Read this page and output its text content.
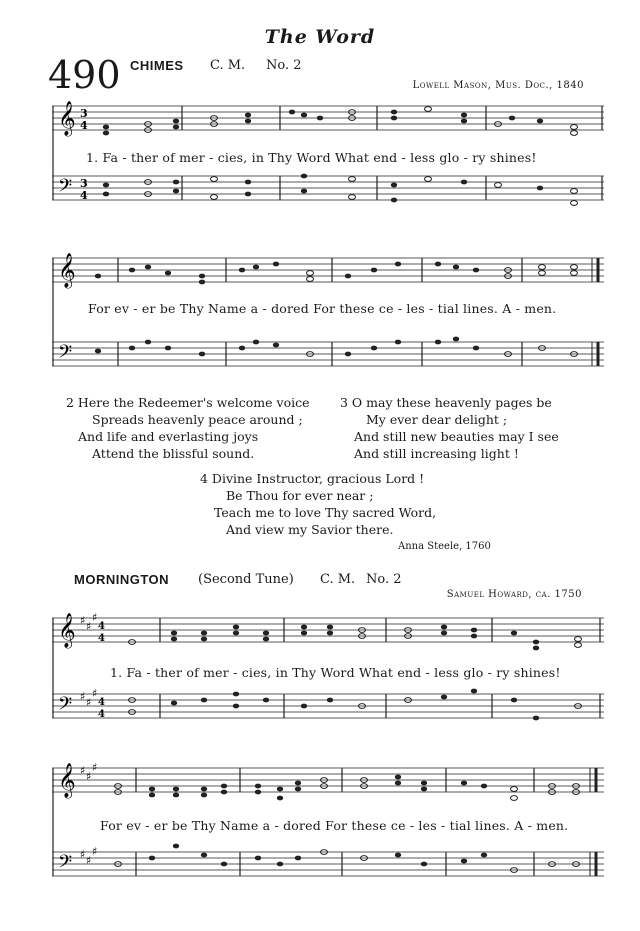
The Word
490 CHIMES C. M. No. 2
Lowell Mason, Mus. Doc., 1840
𝄞
𝄢
3
4
3
4
1. Fa - ther of mer - cies, in Thy Word What end - less glo - ry shines!
𝄞
𝄢
For ev - er be Thy Name a - dored For these ce - les - tial lines. A - men.
2 Here the Redeemer's welcome voice
Spreads heavenly peace around ;
And life and everlasting joys
Attend the blissful sound.
3 O may these heavenly pages be
My ever dear delight ;
And still new beauties may I see
And still increasing light !
4 Divine Instructor, gracious Lord !
Be Thou for ever near ;
Teach me to love Thy sacred Word,
And view my Savior there.
Anna Steele, 1760
MORNINGTON (Second Tune) C. M. No. 2
Samuel Howard, ca. 1750
𝄞
𝄢
♯ ♯
♯
4
4
♯ ♯
♯
4
4
1. Fa - ther of mer - cies, in Thy Word What end - less glo - ry shines!
𝄞
𝄢
♯ ♯
♯
♯ ♯
♯
For ev - er be Thy Name a - dored For these ce - les - tial lines. A - men.
